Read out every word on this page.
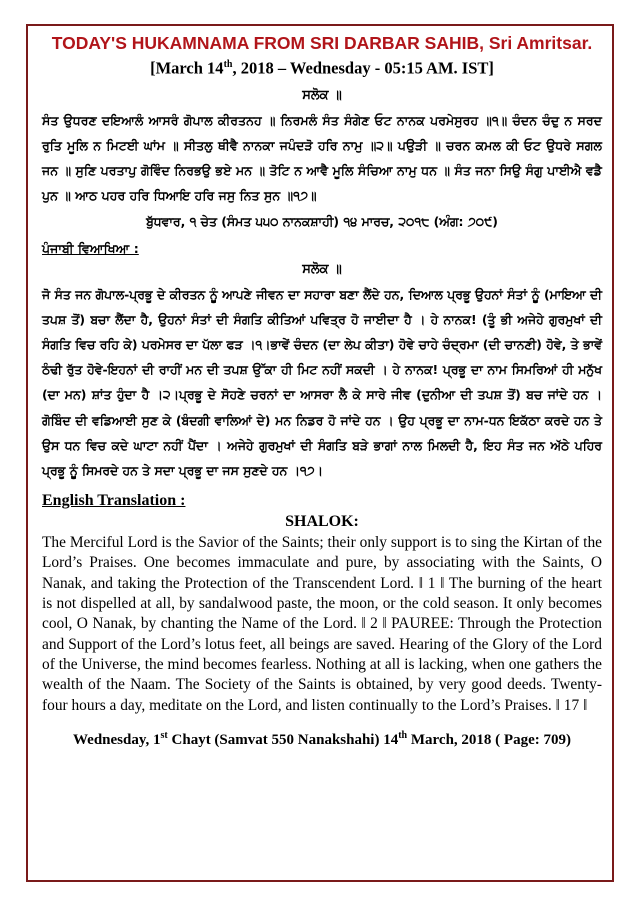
TODAY'S HUKAMNAMA FROM SRI DARBAR SAHIB, Sri Amritsar.

[March 14th, 2018 – Wednesday - 05:15 AM. IST]

ਸਲੋਕ ॥

ਸੰਤ ਉਧਰਣ ਦਇਆਲੰ ਆਸਰੰ ਗੋਪਾਲ ਕੀਰਤਨਹ ॥ ਨਿਰਮਲੰ ਸੰਤ ਸੰਗੇਣ ਓਟ ਨਾਨਕ ਪਰਮੇਸੁਰਹ ॥੧॥ ਚੰਦਨ ਚੰਦੁ ਨ ਸਰਦ ਰੁਤਿ ਮੂਲਿ ਨ ਮਿਟਈ ਘਾਂਮ ॥ ਸੀਤਲੁ ਥੀਵੈ ਨਾਨਕਾ ਜਪੰਦੜੋ ਹਰਿ ਨਾਮੁ ॥੨॥ ਪਉੜੀ ॥ ਚਰਨ ਕਮਲ ਕੀ ਓਟ ਉਧਰੇ ਸਗਲ ਜਨ ॥ ਸੁਣਿ ਪਰਤਾਪੁ ਗੋਵਿੰਦ ਨਿਰਭਉ ਭਏ ਮਨ ॥ ਤੋਟਿ ਨ ਆਵੈ ਮੂਲਿ ਸੰਚਿਆ ਨਾਮੁ ਧਨ ॥ ਸੰਤ ਜਨਾ ਸਿਉ ਸੰਗੁ ਪਾਈਐ ਵਡੈ ਪੁਨ ॥ ਆਠ ਪਹਰ ਹਰਿ ਧਿਆਇ ਹਰਿ ਜਸੁ ਨਿਤ ਸੁਨ ॥੧੭॥

ਬੁੱਧਵਾਰ, ੧ ਚੇਤ (ਸੰਮਤ ੫੫੦ ਨਾਨਕਸ਼ਾਹੀ) ੧੪ ਮਾਰਚ, ੨੦੧੮ (ਅੰਗ: ੭੦੯)

ਪੰਜਾਬੀ ਵਿਆਖਿਆ :

ਸਲੋਕ ॥

ਜੋ ਸੰਤ ਜਨ ਗੋਪਾਲ-ਪ੍ਰਭੂ ਦੇ ਕੀਰਤਨ ਨੂੰ ਆਪਣੇ ਜੀਵਨ ਦਾ ਸਹਾਰਾ ਬਣਾ ਲੈਂਦੇ ਹਨ, ਦਿਆਲ ਪ੍ਰਭੂ ਉਹਨਾਂ ਸੰਤਾਂ ਨੂੰ (ਮਾਇਆ ਦੀ ਤਪਸ਼ ਤੋਂ) ਬਚਾ ਲੈਂਦਾ ਹੈ, ਉਹਨਾਂ ਸੰਤਾਂ ਦੀ ਸੰਗਤਿ ਕੀਤਿਆਂ ਪਵਿਤ੍ਰ ਹੋ ਜਾਈਦਾ ਹੈ । ਹੇ ਨਾਨਕ! (ਤੂੰ ਭੀ ਅਜੇਹੇ ਗੁਰਮੁਖਾਂ ਦੀ ਸੰਗਤਿ ਵਿਚ ਰਹਿ ਕੇ) ਪਰਮੇਸਰ ਦਾ ਪੱਲਾ ਫੜ ।੧।ਭਾਵੇਂ ਚੰਦਨ (ਦਾ ਲੇਪ ਕੀਤਾ) ਹੋਵੇ ਚਾਹੇ ਚੰਦ੍ਰਮਾ (ਦੀ ਚਾਨਣੀ) ਹੋਵੇ, ਤੇ ਭਾਵੇਂ ਠੰਢੀ ਰੁੱਤ ਹੋਵੇ-ਇਹਨਾਂ ਦੀ ਰਾਹੀਂ ਮਨ ਦੀ ਤਪਸ਼ ਉੱਕਾ ਹੀ ਮਿਟ ਨਹੀਂ ਸਕਦੀ । ਹੇ ਨਾਨਕ! ਪ੍ਰਭੂ ਦਾ ਨਾਮ ਸਿਮਰਿਆਂ ਹੀ ਮਨੁੱਖ (ਦਾ ਮਨ) ਸ਼ਾਂਤ ਹੁੰਦਾ ਹੈ ।੨।ਪ੍ਰਭੂ ਦੇ ਸੋਹਣੇ ਚਰਨਾਂ ਦਾ ਆਸਰਾ ਲੈ ਕੇ ਸਾਰੇ ਜੀਵ (ਦੁਨੀਆ ਦੀ ਤਪਸ਼ ਤੋਂ) ਬਚ ਜਾਂਦੇ ਹਨ । ਗੋਬਿੰਦ ਦੀ ਵਡਿਆਈ ਸੁਣ ਕੇ (ਬੰਦਗੀ ਵਾਲਿਆਂ ਦੇ) ਮਨ ਨਿਡਰ ਹੋ ਜਾਂਦੇ ਹਨ । ਉਹ ਪ੍ਰਭੂ ਦਾ ਨਾਮ-ਧਨ ਇਕੱਠਾ ਕਰਦੇ ਹਨ ਤੇ ਉਸ ਧਨ ਵਿਚ ਕਦੇ ਘਾਟਾ ਨਹੀਂ ਪੈਂਦਾ । ਅਜੇਹੇ ਗੁਰਮੁਖਾਂ ਦੀ ਸੰਗਤਿ ਬੜੇ ਭਾਗਾਂ ਨਾਲ ਮਿਲਦੀ ਹੈ, ਇਹ ਸੰਤ ਜਨ ਅੱਠੇ ਪਹਿਰ ਪ੍ਰਭੂ ਨੂੰ ਸਿਮਰਦੇ ਹਨ ਤੇ ਸਦਾ ਪ੍ਰਭੂ ਦਾ ਜਸ ਸੁਣਦੇ ਹਨ ।੧੭।

English Translation :

SHALOK:

The Merciful Lord is the Savior of the Saints; their only support is to sing the Kirtan of the Lord’s Praises. One becomes immaculate and pure, by associating with the Saints, O Nanak, and taking the Protection of the Transcendent Lord. ‖ 1 ‖ The burning of the heart is not dispelled at all, by sandalwood paste, the moon, or the cold season. It only becomes cool, O Nanak, by chanting the Name of the Lord. ‖ 2 ‖ PAUREE: Through the Protection and Support of the Lord’s lotus feet, all beings are saved. Hearing of the Glory of the Lord of the Universe, the mind becomes fearless. Nothing at all is lacking, when one gathers the wealth of the Naam. The Society of the Saints is obtained, by very good deeds. Twenty-four hours a day, meditate on the Lord, and listen continually to the Lord’s Praises. ‖ 17 ‖

Wednesday, 1st Chayt (Samvat 550 Nanakshahi) 14th March, 2018 ( Page: 709)
